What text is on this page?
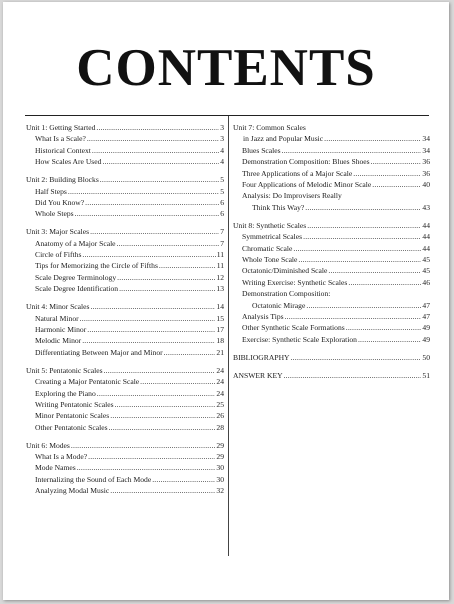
CONTENTS
Unit 1: Getting Started .....	3
What Is a Scale? .....	3
Historical Context .....	4
How Scales Are Used .....	4
Unit 2: Building Blocks .....	5
Half Steps .....	5
Did You Know? .....	6
Whole Steps .....	6
Unit 3: Major Scales .....	7
Anatomy of a Major Scale .....	7
Circle of Fifths .....	11
Tips for Memorizing the Circle of Fifths .....	11
Scale Degree Terminology .....	12
Scale Degree Identification .....	13
Unit 4: Minor Scales .....	14
Natural Minor .....	15
Harmonic Minor .....	17
Melodic Minor .....	18
Differentiating Between Major and Minor .....	21
Unit 5: Pentatonic Scales .....	24
Creating a Major Pentatonic Scale .....	24
Exploring the Piano .....	24
Writing Pentatonic Scales .....	25
Minor Pentatonic Scales .....	26
Other Pentatonic Scales .....	28
Unit 6: Modes .....	29
What Is a Mode? .....	29
Mode Names .....	30
Internalizing the Sound of Each Mode .....	30
Analyzing Modal Music .....	32
Unit 7: Common Scales
in Jazz and Popular Music .....	34
Blues Scales .....	34
Demonstration Composition: Blues Shoes .....	36
Three Applications of a Major Scale .....	36
Four Applications of Melodic Minor Scale .....	40
Analysis: Do Improvisers Really
Think This Way? .....	43
Unit 8: Synthetic Scales .....	44
Symmetrical Scales .....	44
Chromatic Scale .....	44
Whole Tone Scale .....	45
Octatonic/Diminished Scale .....	45
Writing Exercise: Synthetic Scales .....	46
Demonstration Composition:
Octatonic Mirage .....	47
Analysis Tips .....	47
Other Synthetic Scale Formations .....	49
Exercise: Synthetic Scale Exploration .....	49
BIBLIOGRAPHY .....	50
ANSWER KEY .....	51
